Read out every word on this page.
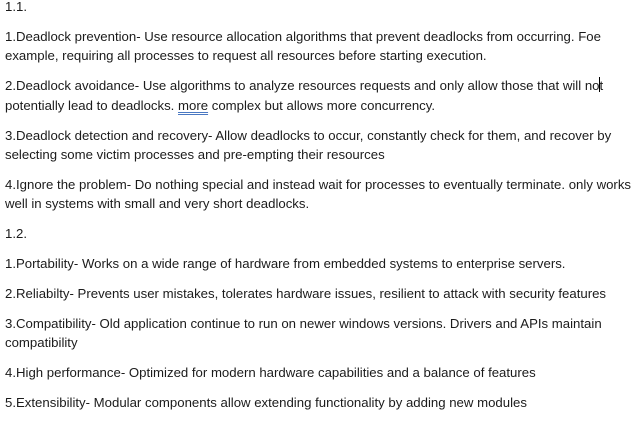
1.1.

1.Deadlock prevention- Use resource allocation algorithms that prevent deadlocks from occurring. Foe example, requiring all processes to request all resources before starting execution.

2.Deadlock avoidance- Use algorithms to analyze resources requests and only allow those that will not potentially lead to deadlocks. more complex but allows more concurrency.

3.Deadlock detection and recovery- Allow deadlocks to occur, constantly check for them, and recover by selecting some victim processes and pre-empting their resources

4.Ignore the problem- Do nothing special and instead wait for processes to eventually terminate. only works well in systems with small and very short deadlocks.

1.2.

1.Portability- Works on a wide range of hardware from embedded systems to enterprise servers.

2.Reliabilty- Prevents user mistakes, tolerates hardware issues, resilient to attack with security features

3.Compatibility- Old application continue to run on newer windows versions. Drivers and APIs maintain compatibility

4.High performance- Optimized for modern hardware capabilities and a balance of features

5.Extensibility- Modular components allow extending functionality by adding new modules
